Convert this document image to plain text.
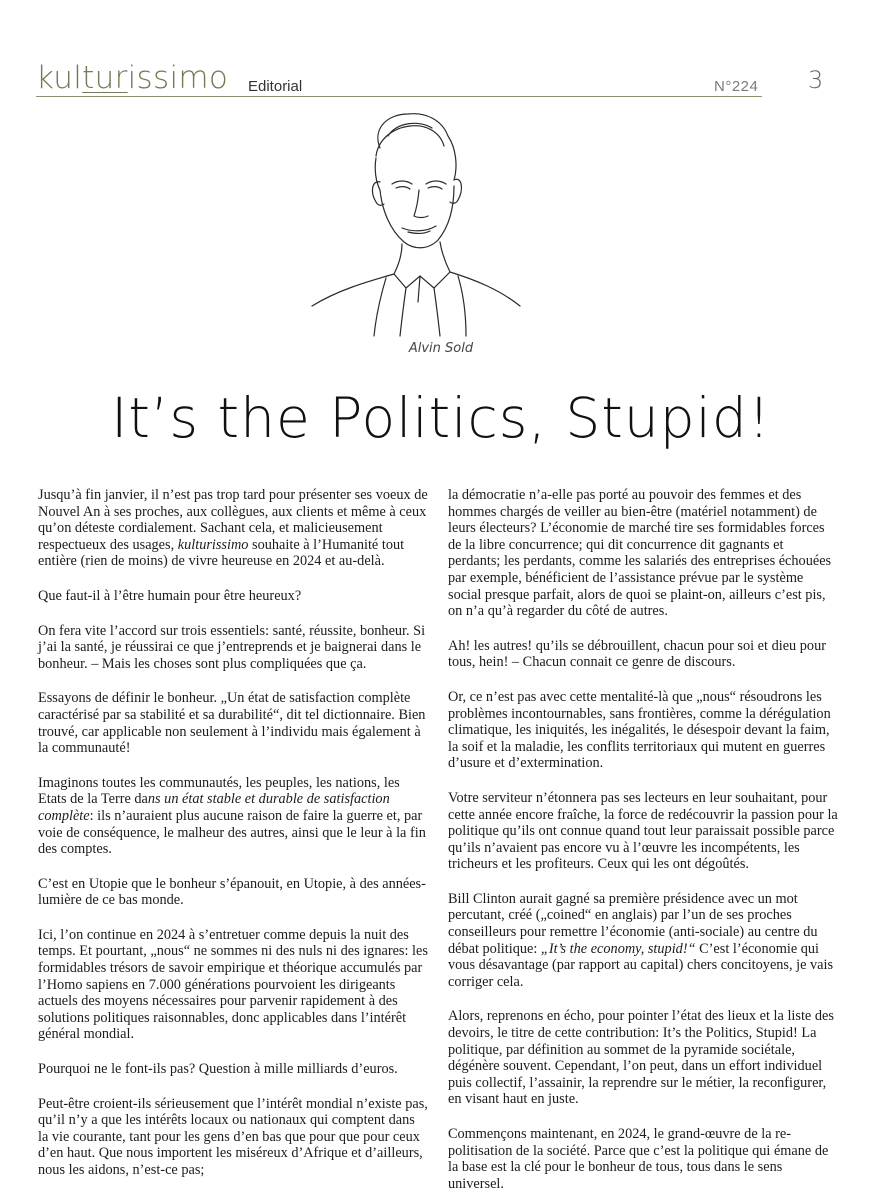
kulturissimo Editorial	N°224 3
Alvin Sold
It’s the Politics, Stupid!

Jusqu’à fin janvier, il n’est pas trop tard pour présenter ses voeux de Nouvel An à ses proches, aux collègues, aux clients et même à ceux qu’on déteste cordialement. Sachant cela, et malicieusement respectueux des usages, kulturissimo souhaite à l’Humanité tout entière (rien de moins) de vivre heureuse en 2024 et au-delà.

Que faut-il à l’être humain pour être heureux?

On fera vite l’accord sur trois essentiels: santé, réussite, bonheur. Si j’ai la santé, je réussirai ce que j’entreprends et je baignerai dans le bonheur. – Mais les choses sont plus compliquées que ça.

Essayons de définir le bonheur. „Un état de satisfaction complète caractérisé par sa stabilité et sa durabilité“, dit tel dictionnaire. Bien trouvé, car applicable non seulement à l’individu mais également à la communauté!

Imaginons toutes les communautés, les peuples, les nations, les Etats de la Terre dans un état stable et durable de satisfaction complète: ils n’auraient plus aucune raison de faire la guerre et, par voie de conséquence, le malheur des autres, ainsi que le leur à la fin des comptes.

C’est en Utopie que le bonheur s’épanouit, en Utopie, à des années-lumière de ce bas monde.

Ici, l’on continue en 2024 à s’entretuer comme depuis la nuit des temps. Et pourtant, „nous“ ne sommes ni des nuls ni des ignares: les formidables trésors de savoir empirique et théorique accumulés par l’Homo sapiens en 7.000 générations pourvoient les dirigeants actuels des moyens nécessaires pour parvenir rapidement à des solutions politiques raisonnables, donc applicables dans l’intérêt général mondial.

Pourquoi ne le font-ils pas? Question à mille milliards d’euros.

Peut-être croient-ils sérieusement que l’intérêt mondial n’existe pas, qu’il n’y a que les intérêts locaux ou nationaux qui comptent dans la vie courante, tant pour les gens d’en bas que pour que pour ceux d’en haut. Que nous importent les miséreux d’Afrique et d’ailleurs, nous les aidons, n’est-ce pas;

la démocratie n’a-elle pas porté au pouvoir des femmes et des hommes chargés de veiller au bien-être (matériel notamment) de leurs électeurs? L’économie de marché tire ses formidables forces de la libre concurrence; qui dit concurrence dit gagnants et perdants; les perdants, comme les salariés des entreprises échouées par exemple, bénéficient de l’assistance prévue par le système social presque parfait, alors de quoi se plaint-on, ailleurs c’est pis, on n’a qu’à regarder du côté de autres.

Ah! les autres! qu’ils se débrouillent, chacun pour soi et dieu pour tous, hein! – Chacun connait ce genre de discours.

Or, ce n’est pas avec cette mentalité-là que „nous“ résoudrons les problèmes incontournables, sans frontières, comme la dérégulation climatique, les iniquités, les inégalités, le désespoir devant la faim, la soif et la maladie, les conflits territoriaux qui mutent en guerres d’usure et d’extermination.

Votre serviteur n’étonnera pas ses lecteurs en leur souhaitant, pour cette année encore fraîche, la force de redécouvrir la passion pour la politique qu’ils ont connue quand tout leur paraissait possible parce qu’ils n’avaient pas encore vu à l’œuvre les incompétents, les tricheurs et les profiteurs. Ceux qui les ont dégoûtés.

Bill Clinton aurait gagné sa première présidence avec un mot percutant, créé („coined“ en anglais) par l’un de ses proches conseilleurs pour remettre l’économie (anti-sociale) au centre du débat politique: „It’s the economy, stupid!“ C’est l’économie qui vous désavantage (par rapport au capital) chers concitoyens, je vais corriger cela.

Alors, reprenons en écho, pour pointer l’état des lieux et la liste des devoirs, le titre de cette contribution: It’s the Politics, Stupid! La politique, par définition au sommet de la pyramide sociétale, dégénère souvent. Cependant, l’on peut, dans un effort individuel puis collectif, l’assainir, la reprendre sur le métier, la reconfigurer, en visant haut en juste.

Commençons maintenant, en 2024, le grand-œuvre de la re-politisation de la société. Parce que c’est la politique qui émane de la base est la clé pour le bonheur de tous, tous dans le sens universel.
